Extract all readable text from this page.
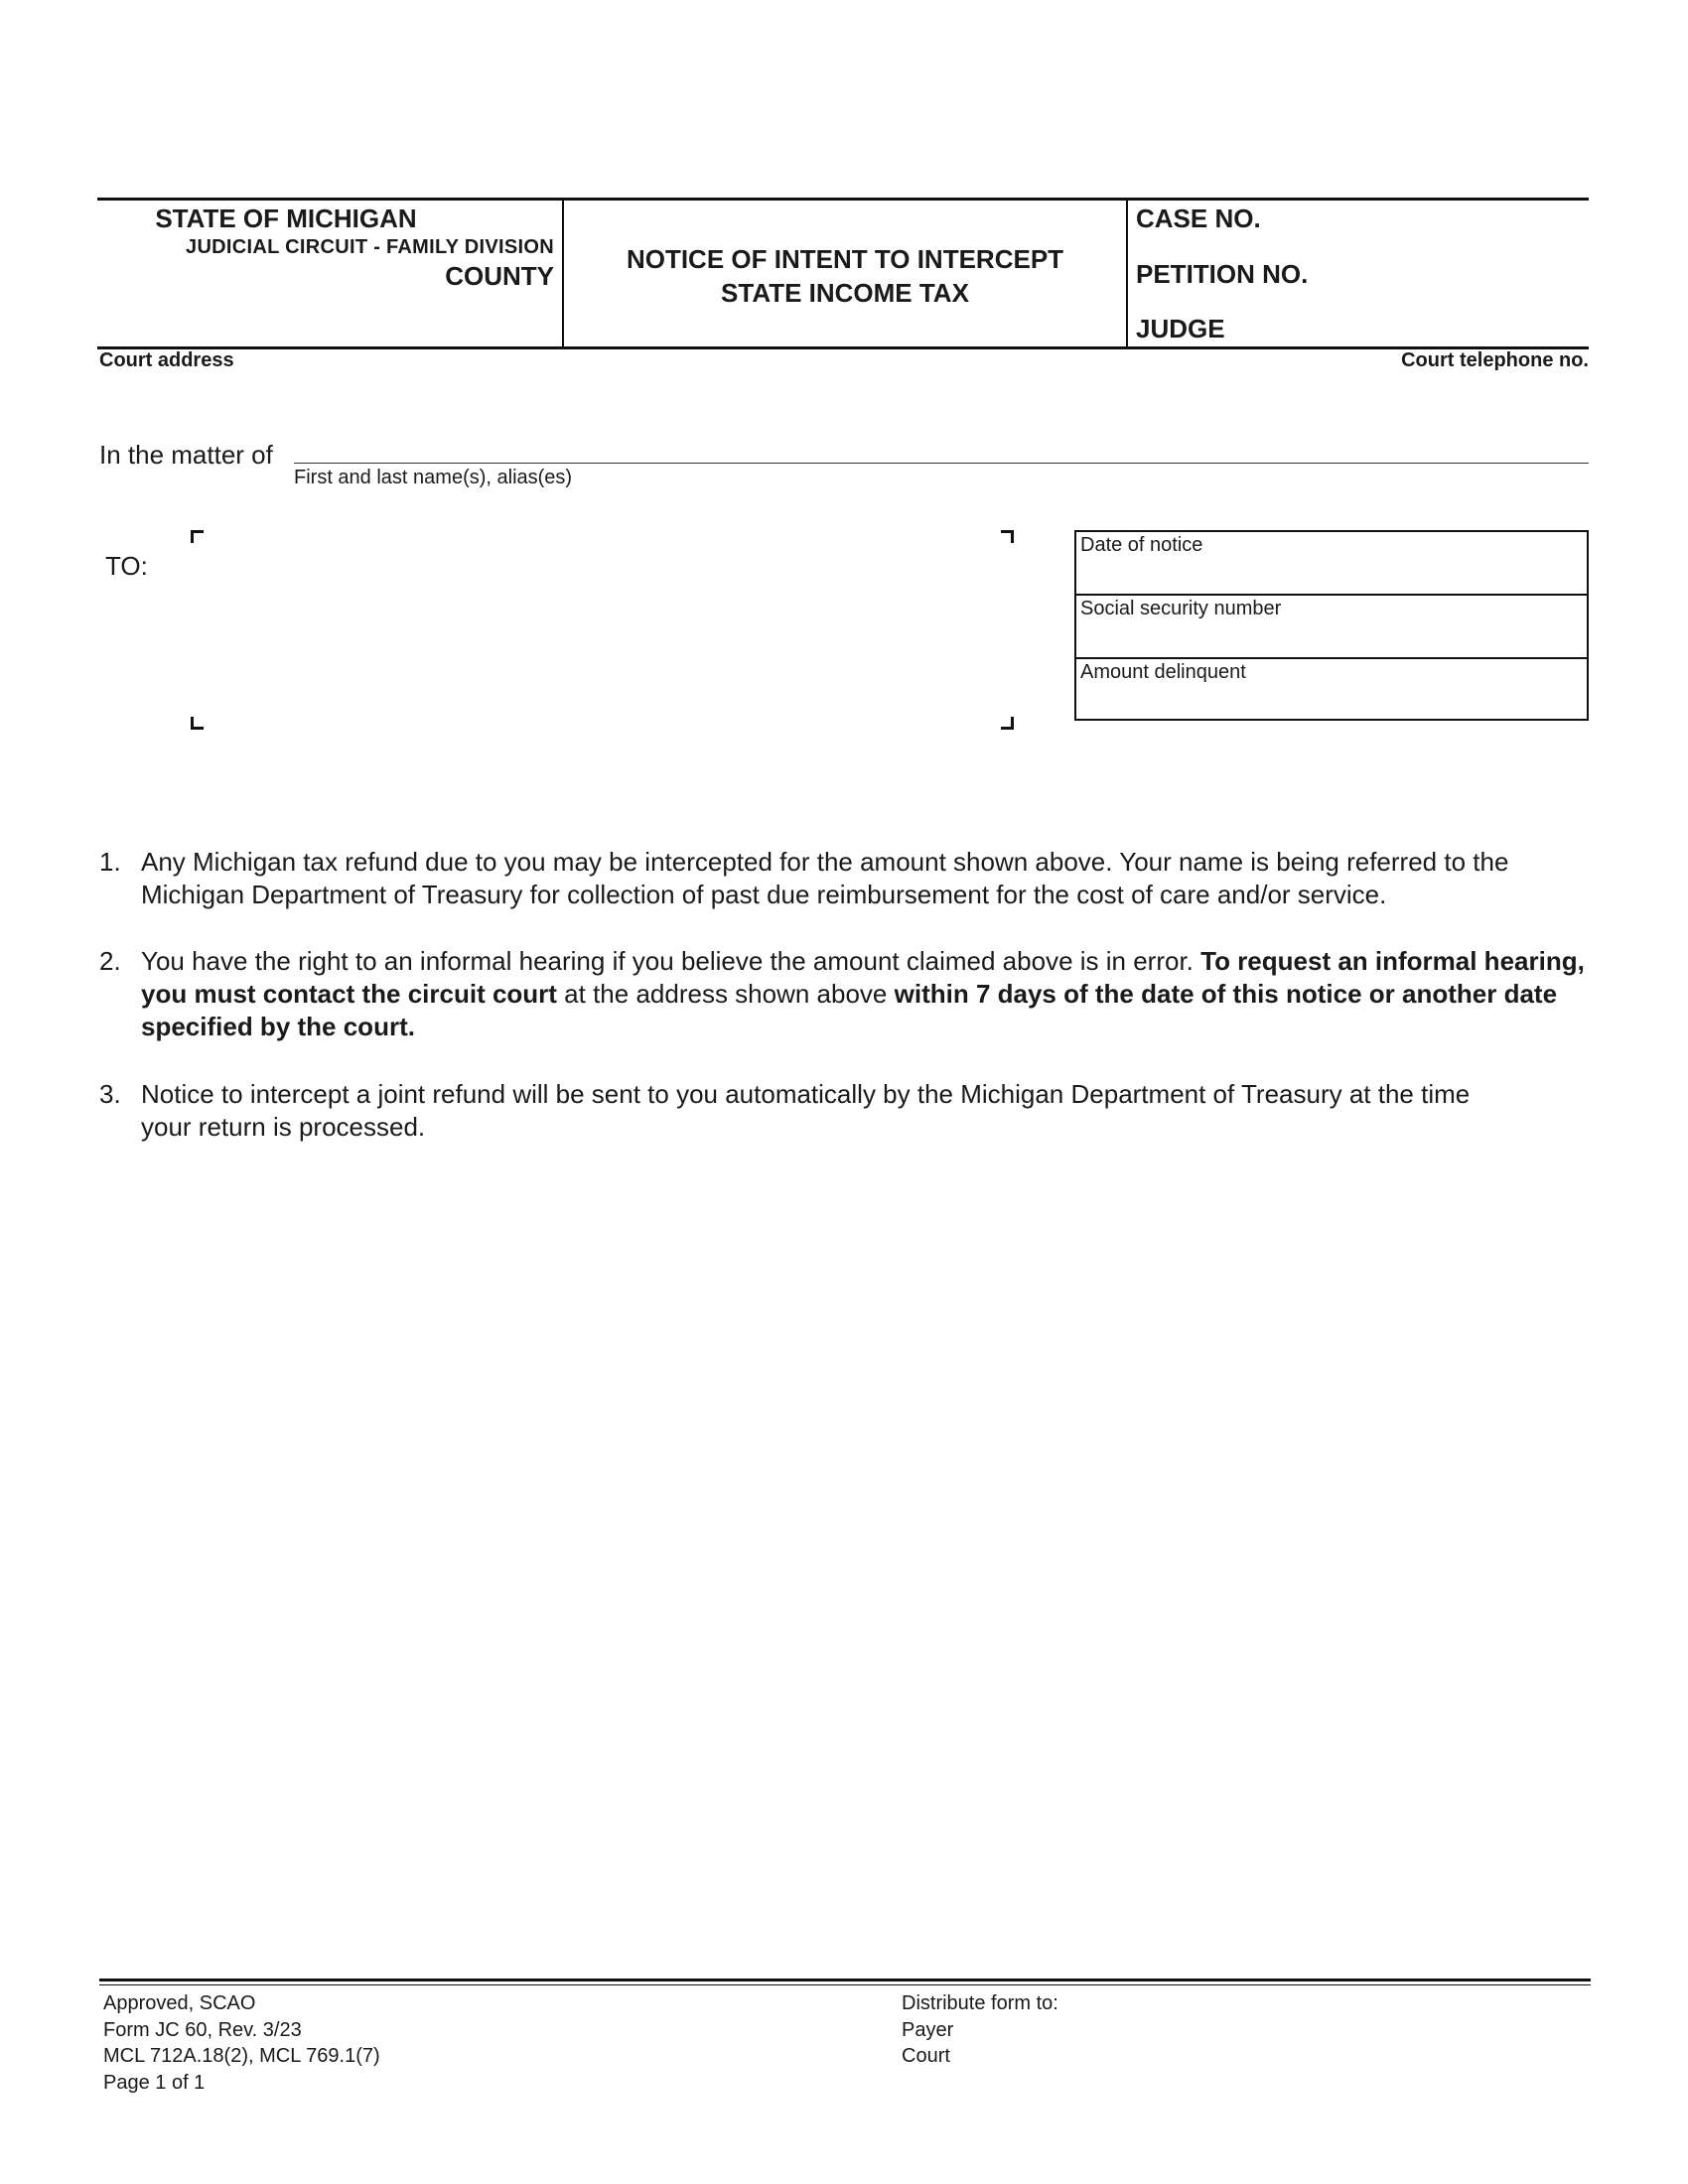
STATE OF MICHIGAN
JUDICIAL CIRCUIT - FAMILY DIVISION
COUNTY
NOTICE OF INTENT TO INTERCEPT
STATE INCOME TAX
CASE NO.
PETITION NO.
JUDGE
Court address	Court telephone no.
In the matter of
First and last name(s), alias(es)
TO:
Date of notice
Social security number
Amount delinquent
1. Any Michigan tax refund due to you may be intercepted for the amount shown above. Your name is being referred to the
Michigan Department of Treasury for collection of past due reimbursement for the cost of care and/or service.
2. You have the right to an informal hearing if you believe the amount claimed above is in error. To request an informal hearing, you must contact the circuit court at the address shown above within 7 days of the date of this notice or another date specified by the court.
3. Notice to intercept a joint refund will be sent to you automatically by the Michigan Department of Treasury at the time
your return is processed.
Approved, SCAO
Form JC 60, Rev. 3/23
MCL 712A.18(2), MCL 769.1(7)
Page 1 of 1
Distribute form to:
Payer
Court
